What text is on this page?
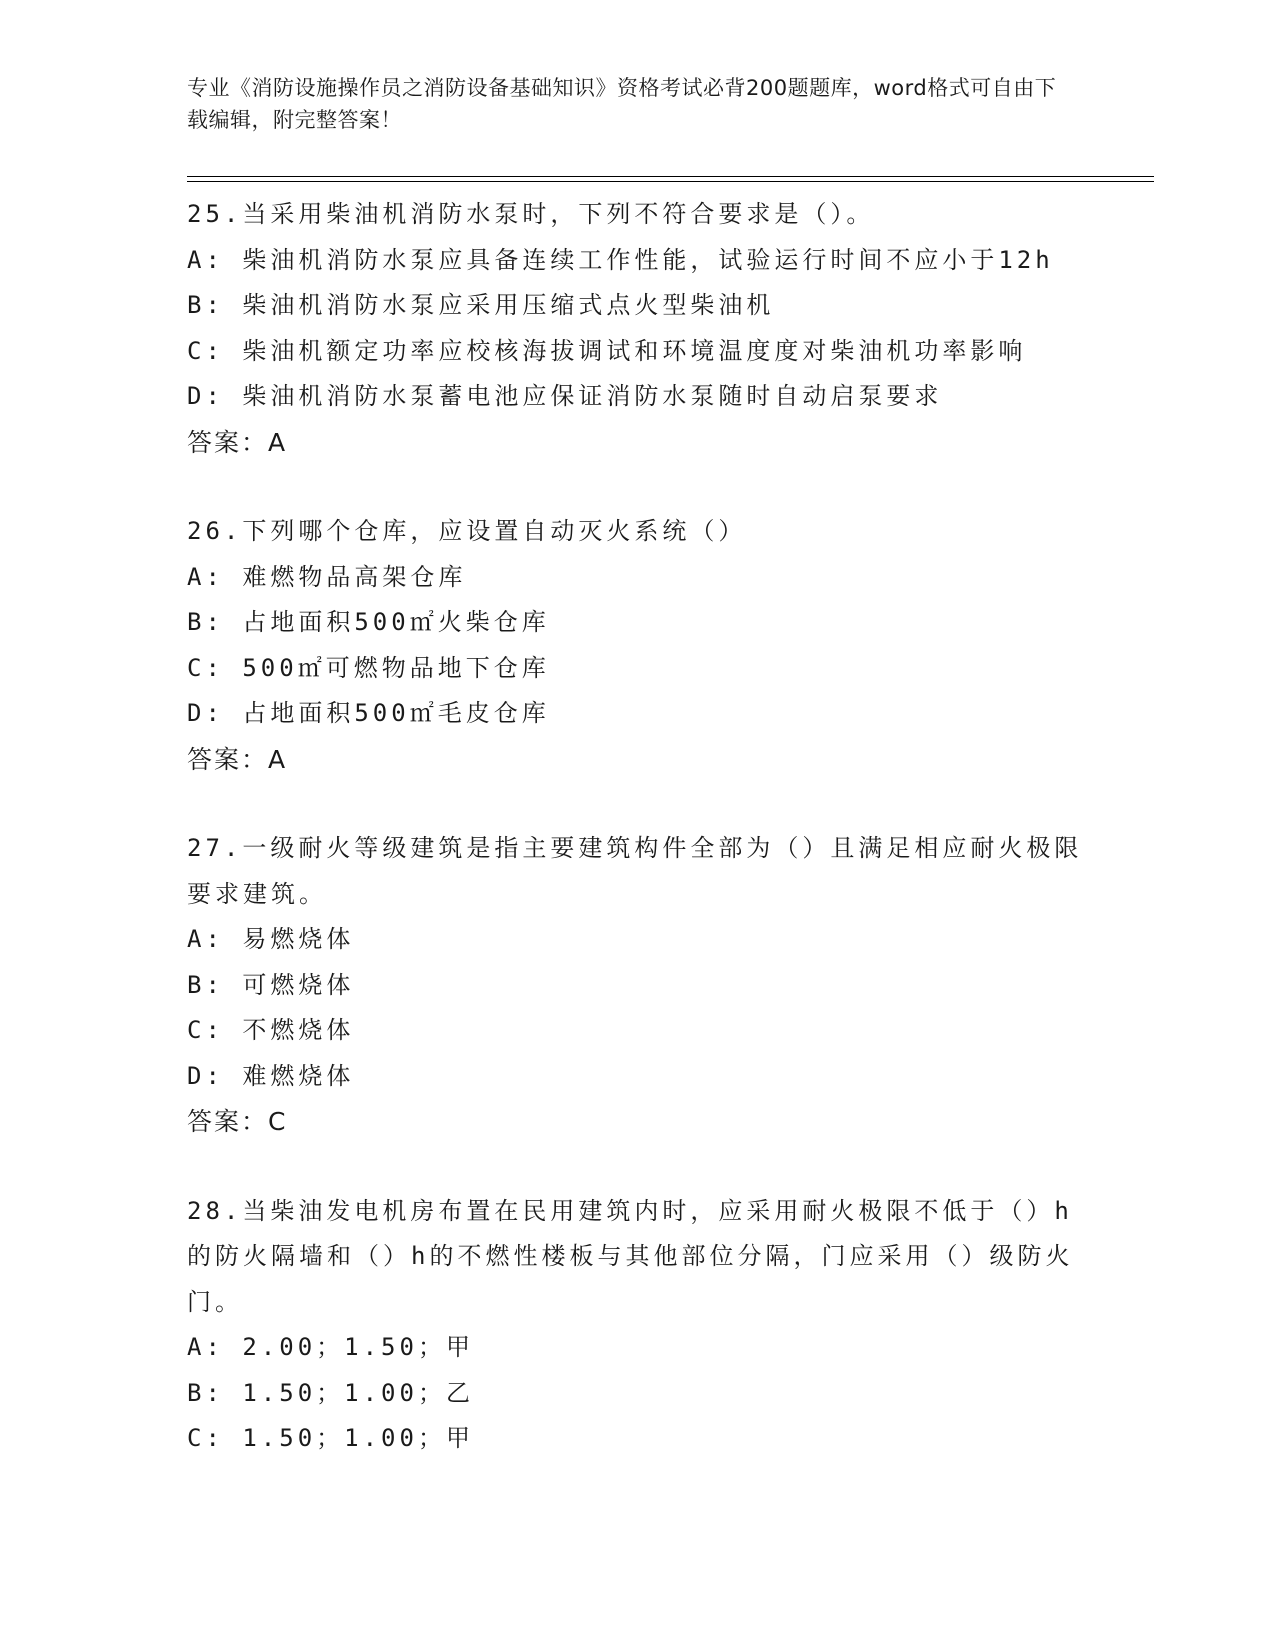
专业《消防设施操作员之消防设备基础知识》资格考试必背200题题库，word格式可自由下载编辑，附完整答案！
25.当采用柴油机消防水泵时，下列不符合要求是（）。
A: 柴油机消防水泵应具备连续工作性能，试验运行时间不应小于12h
B: 柴油机消防水泵应采用压缩式点火型柴油机
C: 柴油机额定功率应校核海拔调试和环境温度度对柴油机功率影响
D: 柴油机消防水泵蓄电池应保证消防水泵随时自动启泵要求
答案：A
26.下列哪个仓库，应设置自动灭火系统（）
A: 难燃物品高架仓库
B: 占地面积500㎡火柴仓库
C: 500㎡可燃物品地下仓库
D: 占地面积500㎡毛皮仓库
答案：A
27.一级耐火等级建筑是指主要建筑构件全部为（）且满足相应耐火极限要求建筑。
A: 易燃烧体
B: 可燃烧体
C: 不燃烧体
D: 难燃烧体
答案：C
28.当柴油发电机房布置在民用建筑内时，应采用耐火极限不低于（）h的防火隔墙和（）h的不燃性楼板与其他部位分隔，门应采用（）级防火门。
A: 2.00；1.50；甲
B: 1.50；1.00；乙
C: 1.50；1.00；甲
